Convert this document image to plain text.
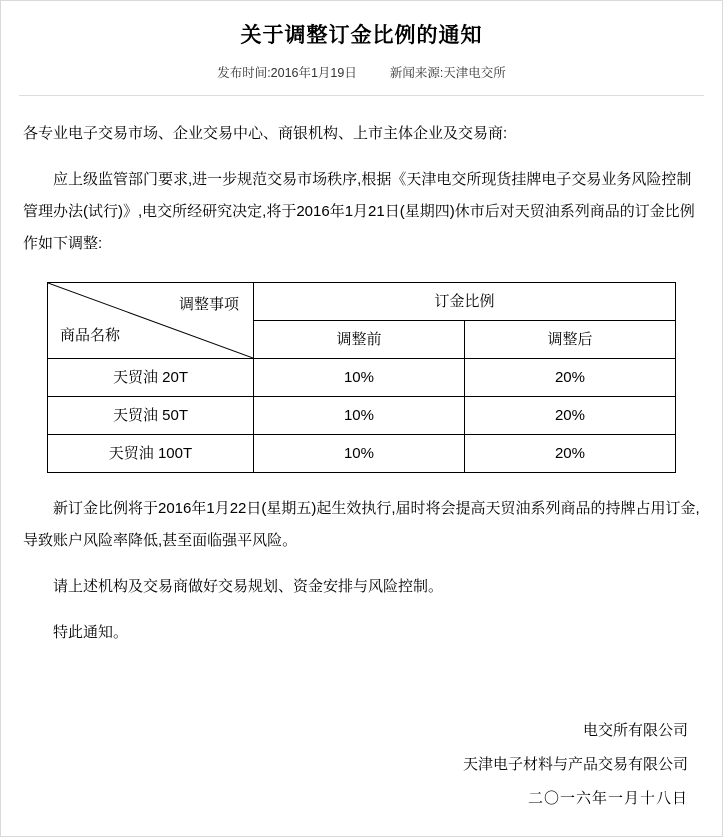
关于调整订金比例的通知
发布时间:2016年1月19日	新闻来源:天津电交所

各专业电子交易市场、企业交易中心、商银机构、上市主体企业及交易商:

应上级监管部门要求,进一步规范交易市场秩序,根据《天津电交所现货挂牌电子交易业务风险控制管理办法(试行)》,电交所经研究决定,将于2016年1月21日(星期四)休市后对天贸油系列商品的订金比例作如下调整:

调整事项
商品名称	订金比例	
	调整前	调整后
天贸油 20T	10%	20%
天贸油 50T	10%	20%
天贸油 100T	10%	20%

新订金比例将于2016年1月22日(星期五)起生效执行,届时将会提高天贸油系列商品的持牌占用订金,导致账户风险率降低,甚至面临强平风险。

请上述机构及交易商做好交易规划、资金安排与风险控制。

特此通知。

电交所有限公司
天津电子材料与产品交易有限公司
二〇一六年一月十八日
